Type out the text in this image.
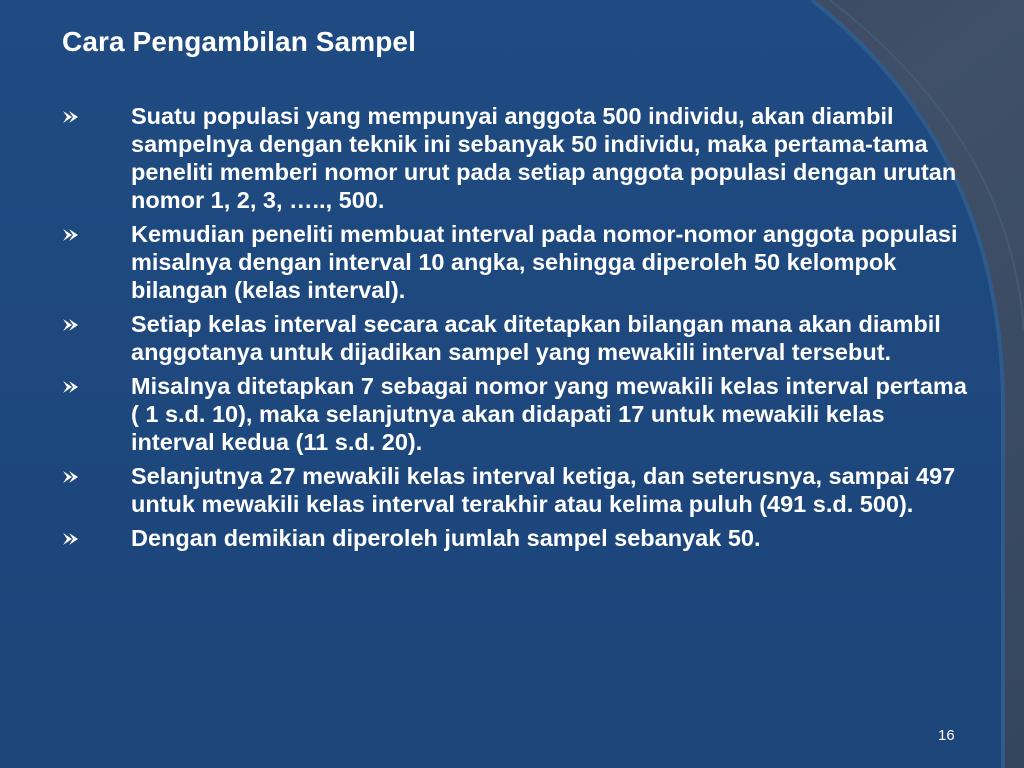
Cara Pengambilan Sampel
Suatu populasi yang mempunyai anggota 500 individu, akan diambil sampelnya dengan teknik ini sebanyak 50 individu, maka pertama-tama peneliti memberi nomor urut pada setiap anggota populasi dengan urutan nomor 1, 2, 3, ….., 500.
Kemudian peneliti membuat interval pada nomor-nomor anggota populasi misalnya dengan interval 10 angka, sehingga diperoleh 50 kelompok bilangan (kelas interval).
Setiap kelas interval secara acak ditetapkan bilangan mana akan diambil anggotanya untuk dijadikan sampel yang mewakili interval tersebut.
Misalnya ditetapkan 7 sebagai nomor yang mewakili kelas interval pertama ( 1 s.d. 10), maka selanjutnya akan didapati 17 untuk mewakili kelas interval kedua (11 s.d. 20).
Selanjutnya 27 mewakili kelas interval ketiga, dan seterusnya, sampai 497 untuk mewakili kelas interval terakhir atau kelima puluh (491 s.d. 500).
Dengan demikian diperoleh jumlah sampel sebanyak 50.
16
